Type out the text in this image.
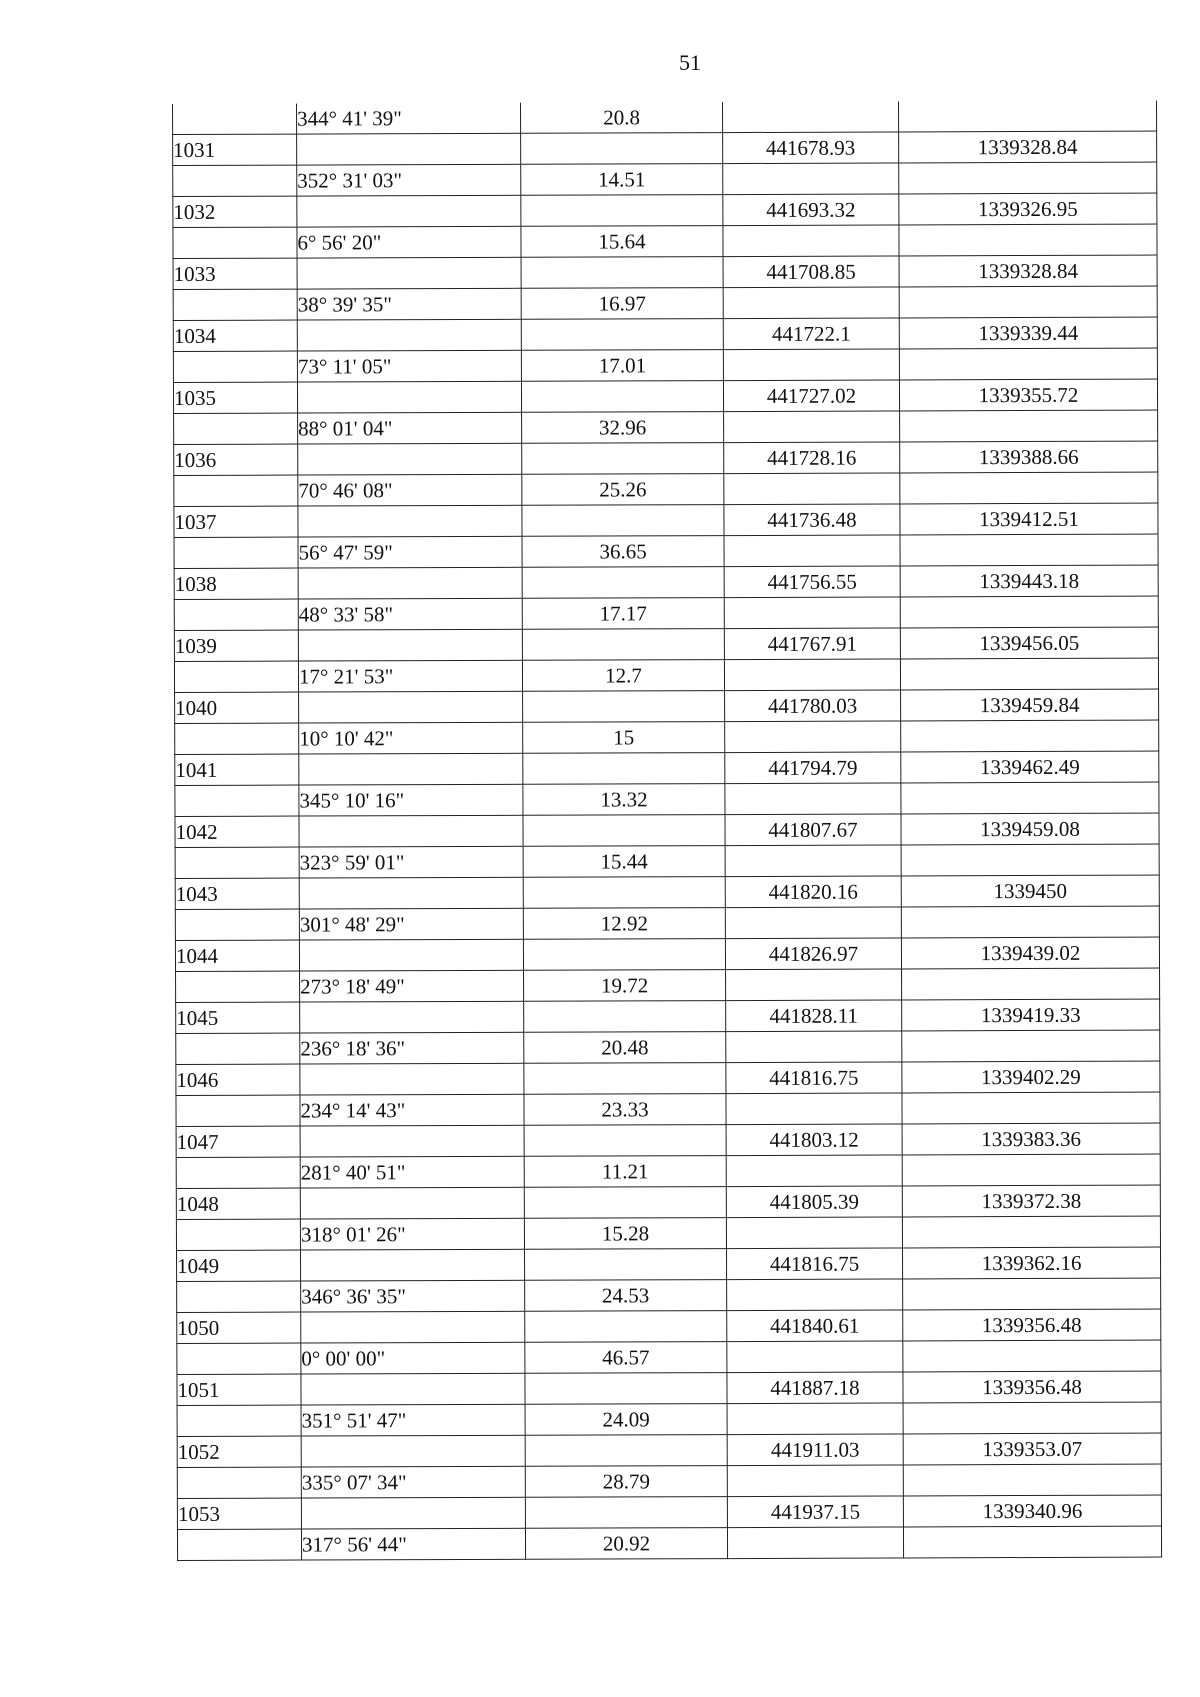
51
	344° 41' 39"	20.8		
1031			441678.93	1339328.84
	352° 31' 03"	14.51		
1032			441693.32	1339326.95
	6° 56' 20"	15.64		
1033			441708.85	1339328.84
	38° 39' 35"	16.97		
1034			441722.1	1339339.44
	73° 11' 05"	17.01		
1035			441727.02	1339355.72
	88° 01' 04"	32.96		
1036			441728.16	1339388.66
	70° 46' 08"	25.26		
1037			441736.48	1339412.51
	56° 47' 59"	36.65		
1038			441756.55	1339443.18
	48° 33' 58"	17.17		
1039			441767.91	1339456.05
	17° 21' 53"	12.7		
1040			441780.03	1339459.84
	10° 10' 42"	15		
1041			441794.79	1339462.49
	345° 10' 16"	13.32		
1042			441807.67	1339459.08
	323° 59' 01"	15.44		
1043			441820.16	1339450
	301° 48' 29"	12.92		
1044			441826.97	1339439.02
	273° 18' 49"	19.72		
1045			441828.11	1339419.33
	236° 18' 36"	20.48		
1046			441816.75	1339402.29
	234° 14' 43"	23.33		
1047			441803.12	1339383.36
	281° 40' 51"	11.21		
1048			441805.39	1339372.38
	318° 01' 26"	15.28		
1049			441816.75	1339362.16
	346° 36' 35"	24.53		
1050			441840.61	1339356.48
	0° 00' 00"	46.57		
1051			441887.18	1339356.48
	351° 51' 47"	24.09		
1052			441911.03	1339353.07
	335° 07' 34"	28.79		
1053			441937.15	1339340.96
	317° 56' 44"	20.92		
